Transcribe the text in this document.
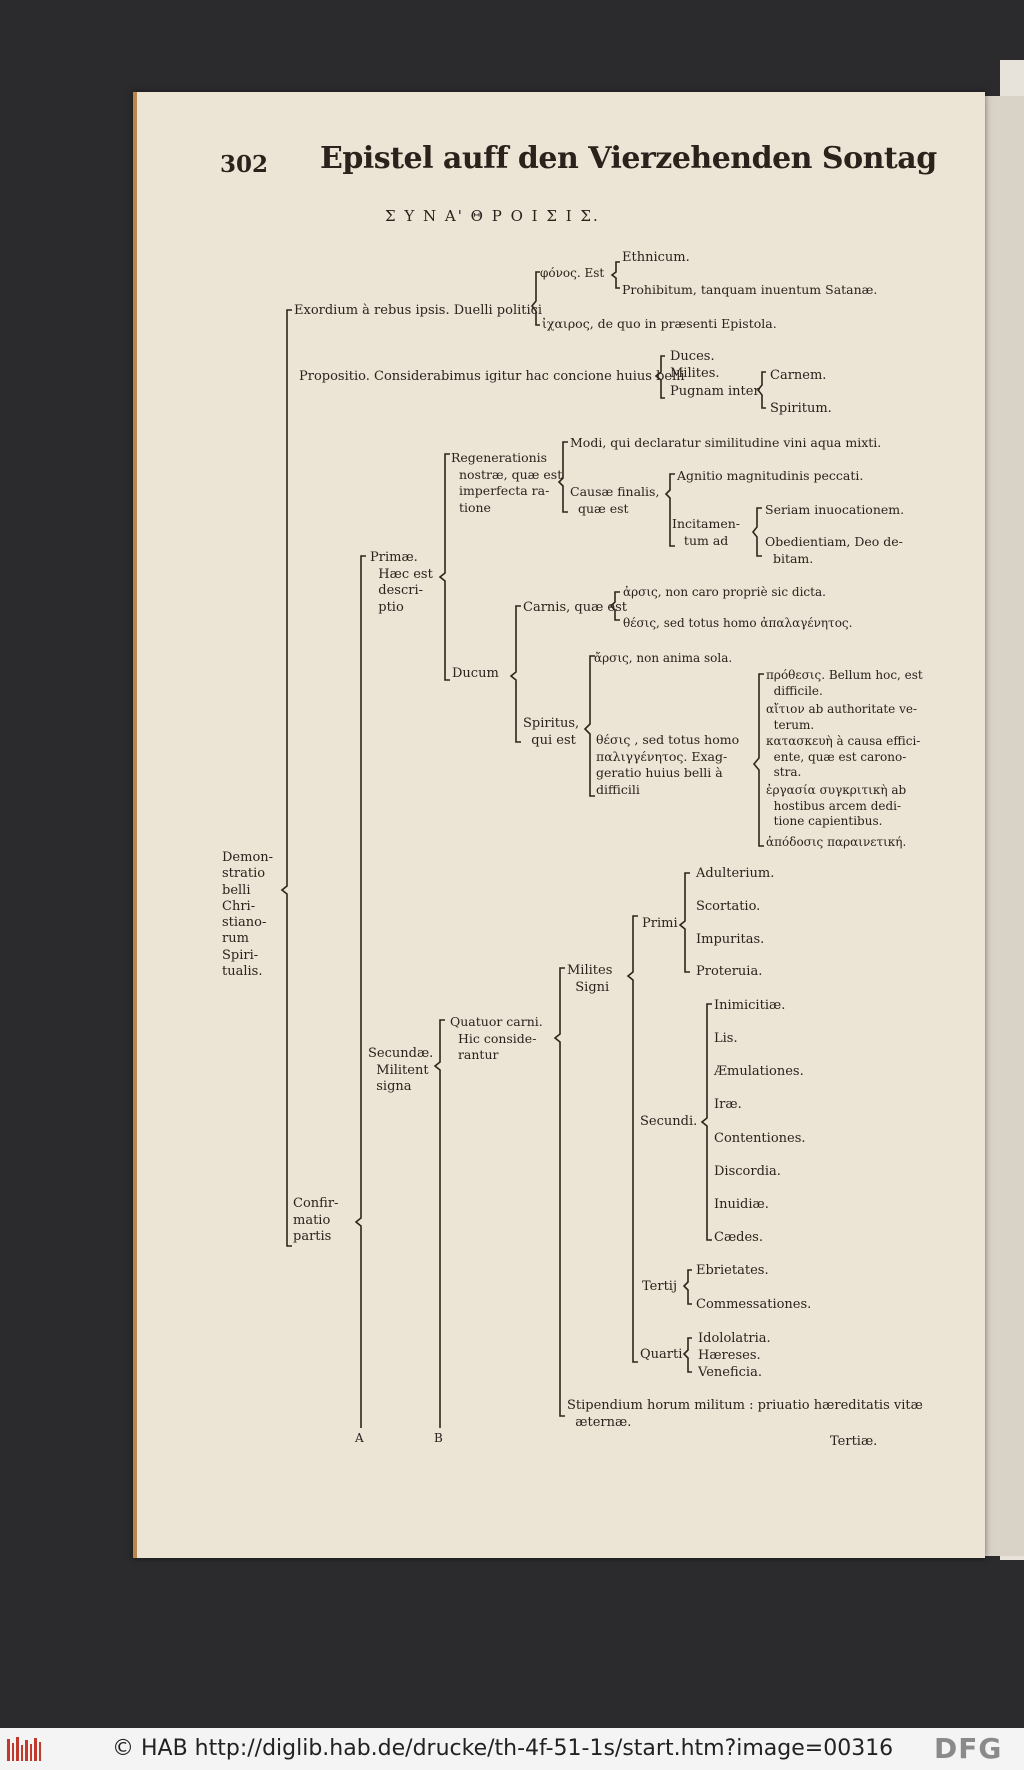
302 Epistel auff den Vierzehenden Sontag
Σ Υ Ν Α' Θ Ρ Ο Ι Σ Ι Σ.
Demon-
stratio
belli
Chri-
stiano-
rum
Spiri-
tualis.
Exordium à rebus ipsis. Duelli politici
φόνος. Est
Ethnicum.
Prohibitum, tanquam inuentum Satanæ.
ἰχαιρος, de quo in præsenti Epistola.
Propositio. Considerabimus igitur hac concione huius belli
Duces.
Milites.
Pugnam inter
Carnem.
Spiritum.
Confir-
matio
partis
Primæ.
Hæc est
descri-
ptio
Regenerationis
nostræ, quæ est
imperfecta ra-
tione
Modi, qui declaratur similitudine vini aqua mixti.
Causæ finalis,
quæ est
Agnitio magnitudinis peccati.
Incitamen-
tum ad
Seriam inuocationem.
Obedientiam, Deo de-
bitam.
Ducum
Carnis, quæ est
ἀρσις, non caro propriè sic dicta.
θέσις, sed totus homo ἀπαλαγένητος.
Spiritus,
qui est
ἄρσις, non anima sola.
θέσις , sed totus homo
παλιγγένητος. Exag-
geratio huius belli à
difficili
πρόθεσις. Bellum hoc, est
difficile.
αἴτιον ab authoritate ve-
terum.
κατασκευὴ à causa effici-
ente, quæ est carono-
stra.
ἐργασία συγκριτικὴ ab
hostibus arcem dedi-
tione capientibus.
ἀπόδοσις παραινετική.
Secundæ.
Militent
signa
Quatuor carni.
Hic conside-
rantur
Milites
Signi
Primi
Adulterium.
Scortatio.
Impuritas.
Proteruia.
Secundi.
Inimicitiæ.
Lis.
Æmulationes.
Iræ.
Contentiones.
Discordia.
Inuidiæ.
Cædes.
Tertij
Ebrietates.
Commessationes.
Quarti
Idololatria.
Hæreses.
Veneficia.
Stipendium horum militum : priuatio hæreditatis vitæ
æternæ.
A	B	Tertiæ.
© HAB http://diglib.hab.de/drucke/th-4f-51-1s/start.htm?image=00316 DFG
